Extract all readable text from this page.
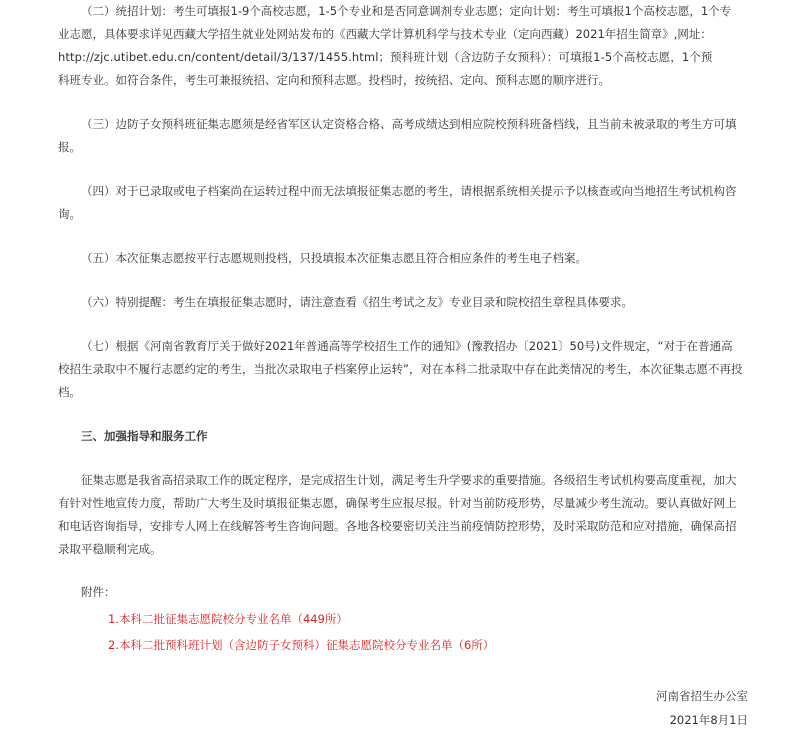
（二）统招计划：考生可填报1-9个高校志愿，1-5个专业和是否同意调剂专业志愿；定向计划：考生可填报1个高校志愿，1个专
业志愿，具体要求详见西藏大学招生就业处网站发布的《西藏大学计算机科学与技术专业（定向西藏）2021年招生简章》,网址：
http://zjc.utibet.edu.cn/content/detail/3/137/1455.html；预科班计划（含边防子女预科）：可填报1-5个高校志愿，1个预
科班专业。如符合条件，考生可兼报统招、定向和预科志愿。投档时，按统招、定向、预科志愿的顺序进行。

（三）边防子女预科班征集志愿须是经省军区认定资格合格、高考成绩达到相应院校预科班备档线，且当前未被录取的考生方可填
报。

（四）对于已录取或电子档案尚在运转过程中而无法填报征集志愿的考生，请根据系统相关提示予以核查或向当地招生考试机构咨
询。

（五）本次征集志愿按平行志愿规则投档，只投填报本次征集志愿且符合相应条件的考生电子档案。

（六）特别提醒：考生在填报征集志愿时，请注意查看《招生考试之友》专业目录和院校招生章程具体要求。

（七）根据《河南省教育厅关于做好2021年普通高等学校招生工作的通知》(豫教招办〔2021〕50号)文件规定，“对于在普通高
校招生录取中不履行志愿约定的考生，当批次录取电子档案停止运转”，对在本科二批录取中存在此类情况的考生，本次征集志愿不再投
档。

三、加强指导和服务工作

征集志愿是我省高招录取工作的既定程序，是完成招生计划，满足考生升学要求的重要措施。各级招生考试机构要高度重视，加大
有针对性地宣传力度，帮助广大考生及时填报征集志愿，确保考生应报尽报。针对当前防疫形势，尽量减少考生流动。要认真做好网上
和电话咨询指导，安排专人网上在线解答考生咨询问题。各地各校要密切关注当前疫情防控形势，及时采取防范和应对措施，确保高招
录取平稳顺利完成。

附件：

1.本科二批征集志愿院校分专业名单（449所）
2.本科二批预科班计划（含边防子女预科）征集志愿院校分专业名单（6所）
河南省招生办公室
2021年8月1日
